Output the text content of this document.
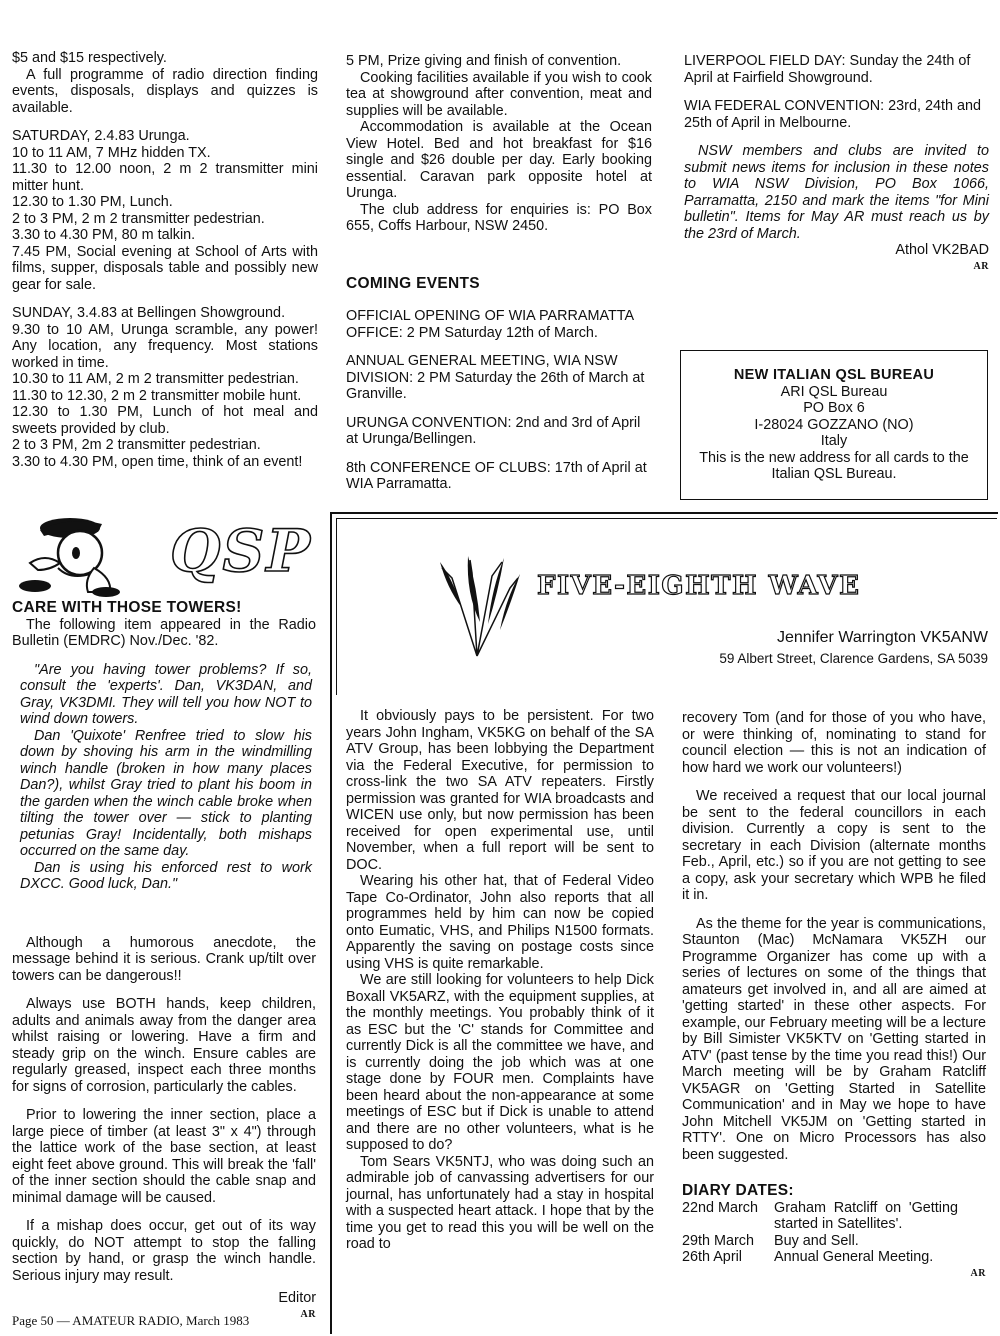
$5 and $15 respectively.

A full programme of radio direction finding events, disposals, displays and quizzes is available.

SATURDAY, 2.4.83 Urunga.

10 to 11 AM, 7 MHz hidden TX.

11.30 to 12.00 noon, 2 m 2 transmitter mini mitter hunt.

12.30 to 1.30 PM, Lunch.

2 to 3 PM, 2 m 2 transmitter pedestrian.

3.30 to 4.30 PM, 80 m talkin.

7.45 PM, Social evening at School of Arts with films, supper, disposals table and possibly new gear for sale.

SUNDAY, 3.4.83 at Bellingen Showground.

9.30 to 10 AM, Urunga scramble, any power! Any location, any frequency. Most stations worked in time.

10.30 to 11 AM, 2 m 2 transmitter pedestrian.

11.30 to 12.30, 2 m 2 transmitter mobile hunt.

12.30 to 1.30 PM, Lunch of hot meal and sweets provided by club.

2 to 3 PM, 2m 2 transmitter pedestrian.

3.30 to 4.30 PM, open time, think of an event!

5 PM, Prize giving and finish of convention.

Cooking facilities available if you wish to cook tea at showground after convention, meat and supplies will be available.

Accommodation is available at the Ocean View Hotel. Bed and hot breakfast for $16 single and $26 double per day. Early booking essential. Caravan park opposite hotel at Urunga.

The club address for enquiries is: PO Box 655, Coffs Harbour, NSW 2450.

COMING EVENTS

OFFICIAL OPENING OF WIA PARRAMATTA OFFICE: 2 PM Saturday 12th of March.

ANNUAL GENERAL MEETING, WIA NSW DIVISION: 2 PM Saturday the 26th of March at Granville.

URUNGA CONVENTION: 2nd and 3rd of April at Urunga/Bellingen.

8th CONFERENCE OF CLUBS: 17th of April at WIA Parramatta.

LIVERPOOL FIELD DAY: Sunday the 24th of April at Fairfield Showground.

WIA FEDERAL CONVENTION: 23rd, 24th and 25th of April in Melbourne.

NSW members and clubs are invited to submit news items for inclusion in these notes to WIA NSW Division, PO Box 1066, Parramatta, 2150 and mark the items "for Mini bulletin". Items for May AR must reach us by the 23rd of March.

Athol VK2BAD

AR

NEW ITALIAN QSL BUREAU

ARI QSL Bureau

PO Box 6

I-28024 GOZZANO (NO)

Italy

This is the new address for all cards to the Italian QSL Bureau.

QSP

CARE WITH THOSE TOWERS!

The following item appeared in the Radio Bulletin (EMDRC) Nov./Dec. '82.

"Are you having tower problems? If so, consult the 'experts'. Dan, VK3DAN, and Gray, VK3DMI. They will tell you how NOT to wind down towers.

Dan 'Quixote' Renfree tried to slow his down by shoving his arm in the windmilling winch handle (broken in how many places Dan?), whilst Gray tried to plant his boom in the garden when the winch cable broke when tilting the tower over — stick to planting petunias Gray! Incidentally, both mishaps occurred on the same day.

Dan is using his enforced rest to work DXCC. Good luck, Dan."

Although a humorous anecdote, the message behind it is serious. Crank up/tilt over towers can be dangerous!!

Always use BOTH hands, keep children, adults and animals away from the danger area whilst raising or lowering. Have a firm and steady grip on the winch. Ensure cables are regularly greased, inspect each three months for signs of corrosion, particularly the cables.

Prior to lowering the inner section, place a large piece of timber (at least 3" x 4") through the lattice work of the base section, at least eight feet above ground. This will break the 'fall' of the inner section should the cable snap and minimal damage will be caused.

If a mishap does occur, get out of its way quickly, do NOT attempt to stop the falling section by hand, or grasp the winch handle. Serious injury may result.

Editor

AR

FIVE-EIGHTH WAVE
Jennifer Warrington VK5ANW
59 Albert Street, Clarence Gardens, SA 5039

It obviously pays to be persistent. For two years John Ingham, VK5KG on behalf of the SA ATV Group, has been lobbying the Department via the Federal Executive, for permission to cross-link the two SA ATV repeaters. Firstly permission was granted for WIA broadcasts and WICEN use only, but now permission has been received for open experimental use, until November, when a full report will be sent to DOC.

Wearing his other hat, that of Federal Video Tape Co-Ordinator, John also reports that all programmes held by him can now be copied onto Eumatic, VHS, and Philips N1500 formats. Apparently the saving on postage costs since using VHS is quite remarkable.

We are still looking for volunteers to help Dick Boxall VK5ARZ, with the equipment supplies, at the monthly meetings. You probably think of it as ESC but the 'C' stands for Committee and currently Dick is all the committee we have, and is currently doing the job which was at one stage done by FOUR men. Complaints have been heard about the non-appearance at some meetings of ESC but if Dick is unable to attend and there are no other volunteers, what is he supposed to do?

Tom Sears VK5NTJ, who was doing such an admirable job of canvassing advertisers for our journal, has unfortunately had a stay in hospital with a suspected heart attack. I hope that by the time you get to read this you will be well on the road to

recovery Tom (and for those of you who have, or were thinking of, nominating to stand for council election — this is not an indication of how hard we work our volunteers!)

We received a request that our local journal be sent to the federal councillors in each division. Currently a copy is sent to the secretary in each Division (alternate months Feb., April, etc.) so if you are not getting to see a copy, ask your secretary which WPB he filed it in.

As the theme for the year is communications, Staunton (Mac) McNamara VK5ZH our Programme Organizer has come up with a series of lectures on some of the things that amateurs get involved in, and all are aimed at 'getting started' in these other aspects. For example, our February meeting will be a lecture by Bill Simister VK5KTV on 'Getting started in ATV' (past tense by the time you read this!) Our March meeting will be by Graham Ratcliff VK5AGR on 'Getting Started in Satellite Communication' and in May we hope to have John Mitchell VK5JM on 'Getting started in RTTY'. One on Micro Processors has also been suggested.

DIARY DATES:

22nd March	Graham Ratcliff on 'Getting started in Satellites'.
29th March	Buy and Sell.
26th April	Annual General Meeting.

AR

Page 50 — AMATEUR RADIO, March 1983
